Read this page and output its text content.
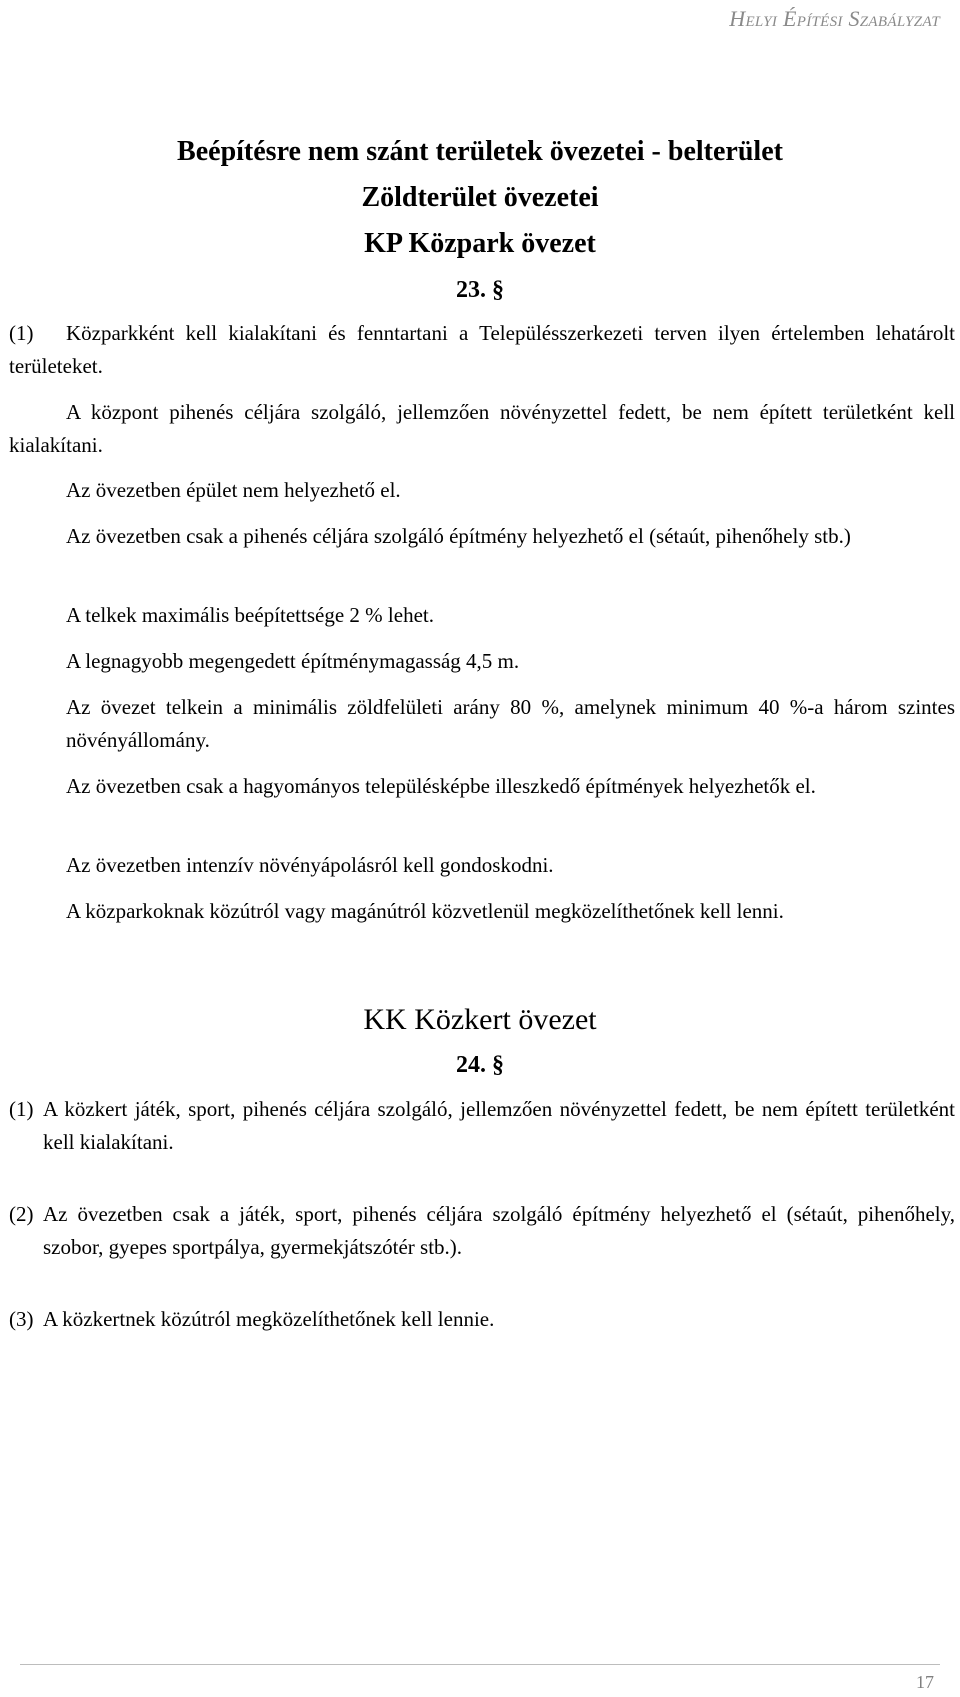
Helyi Építési Szabályzat
Beépítésre nem szánt területek övezetei - belterület
Zöldterület övezetei
KP Közpark övezet
23. §
(1)	Közparkként kell kialakítani és fenntartani a Településszerkezeti terven ilyen értelemben lehatárolt területeket.
A központ pihenés céljára szolgáló, jellemzően növényzettel fedett, be nem épített területként kell kialakítani.
Az övezetben épület nem helyezhető el.
Az övezetben csak a pihenés céljára szolgáló építmény helyezhető el (sétaút, pihenőhely stb.)
A telkek maximális beépítettsége 2 % lehet.
A legnagyobb megengedett építménymagasság 4,5 m.
Az övezet telkein a minimális zöldfelületi arány 80 %, amelynek minimum 40 %-a három szintes növényállomány.
Az övezetben csak a hagyományos településképbe illeszkedő építmények helyezhetők el.
Az övezetben intenzív növényápolásról kell gondoskodni.
A közparkoknak közútról vagy magánútról közvetlenül megközelíthetőnek kell lenni.
KK Közkert övezet
24. §
(1) A közkert játék, sport, pihenés céljára szolgáló, jellemzően növényzettel fedett, be nem épített területként kell kialakítani.
(2) Az övezetben csak a játék, sport, pihenés céljára szolgáló építmény helyezhető el (sétaút, pihenőhely, szobor, gyepes sportpálya, gyermekjátszótér stb.).
(3) A közkertnek közútról megközelíthetőnek kell lennie.
17
